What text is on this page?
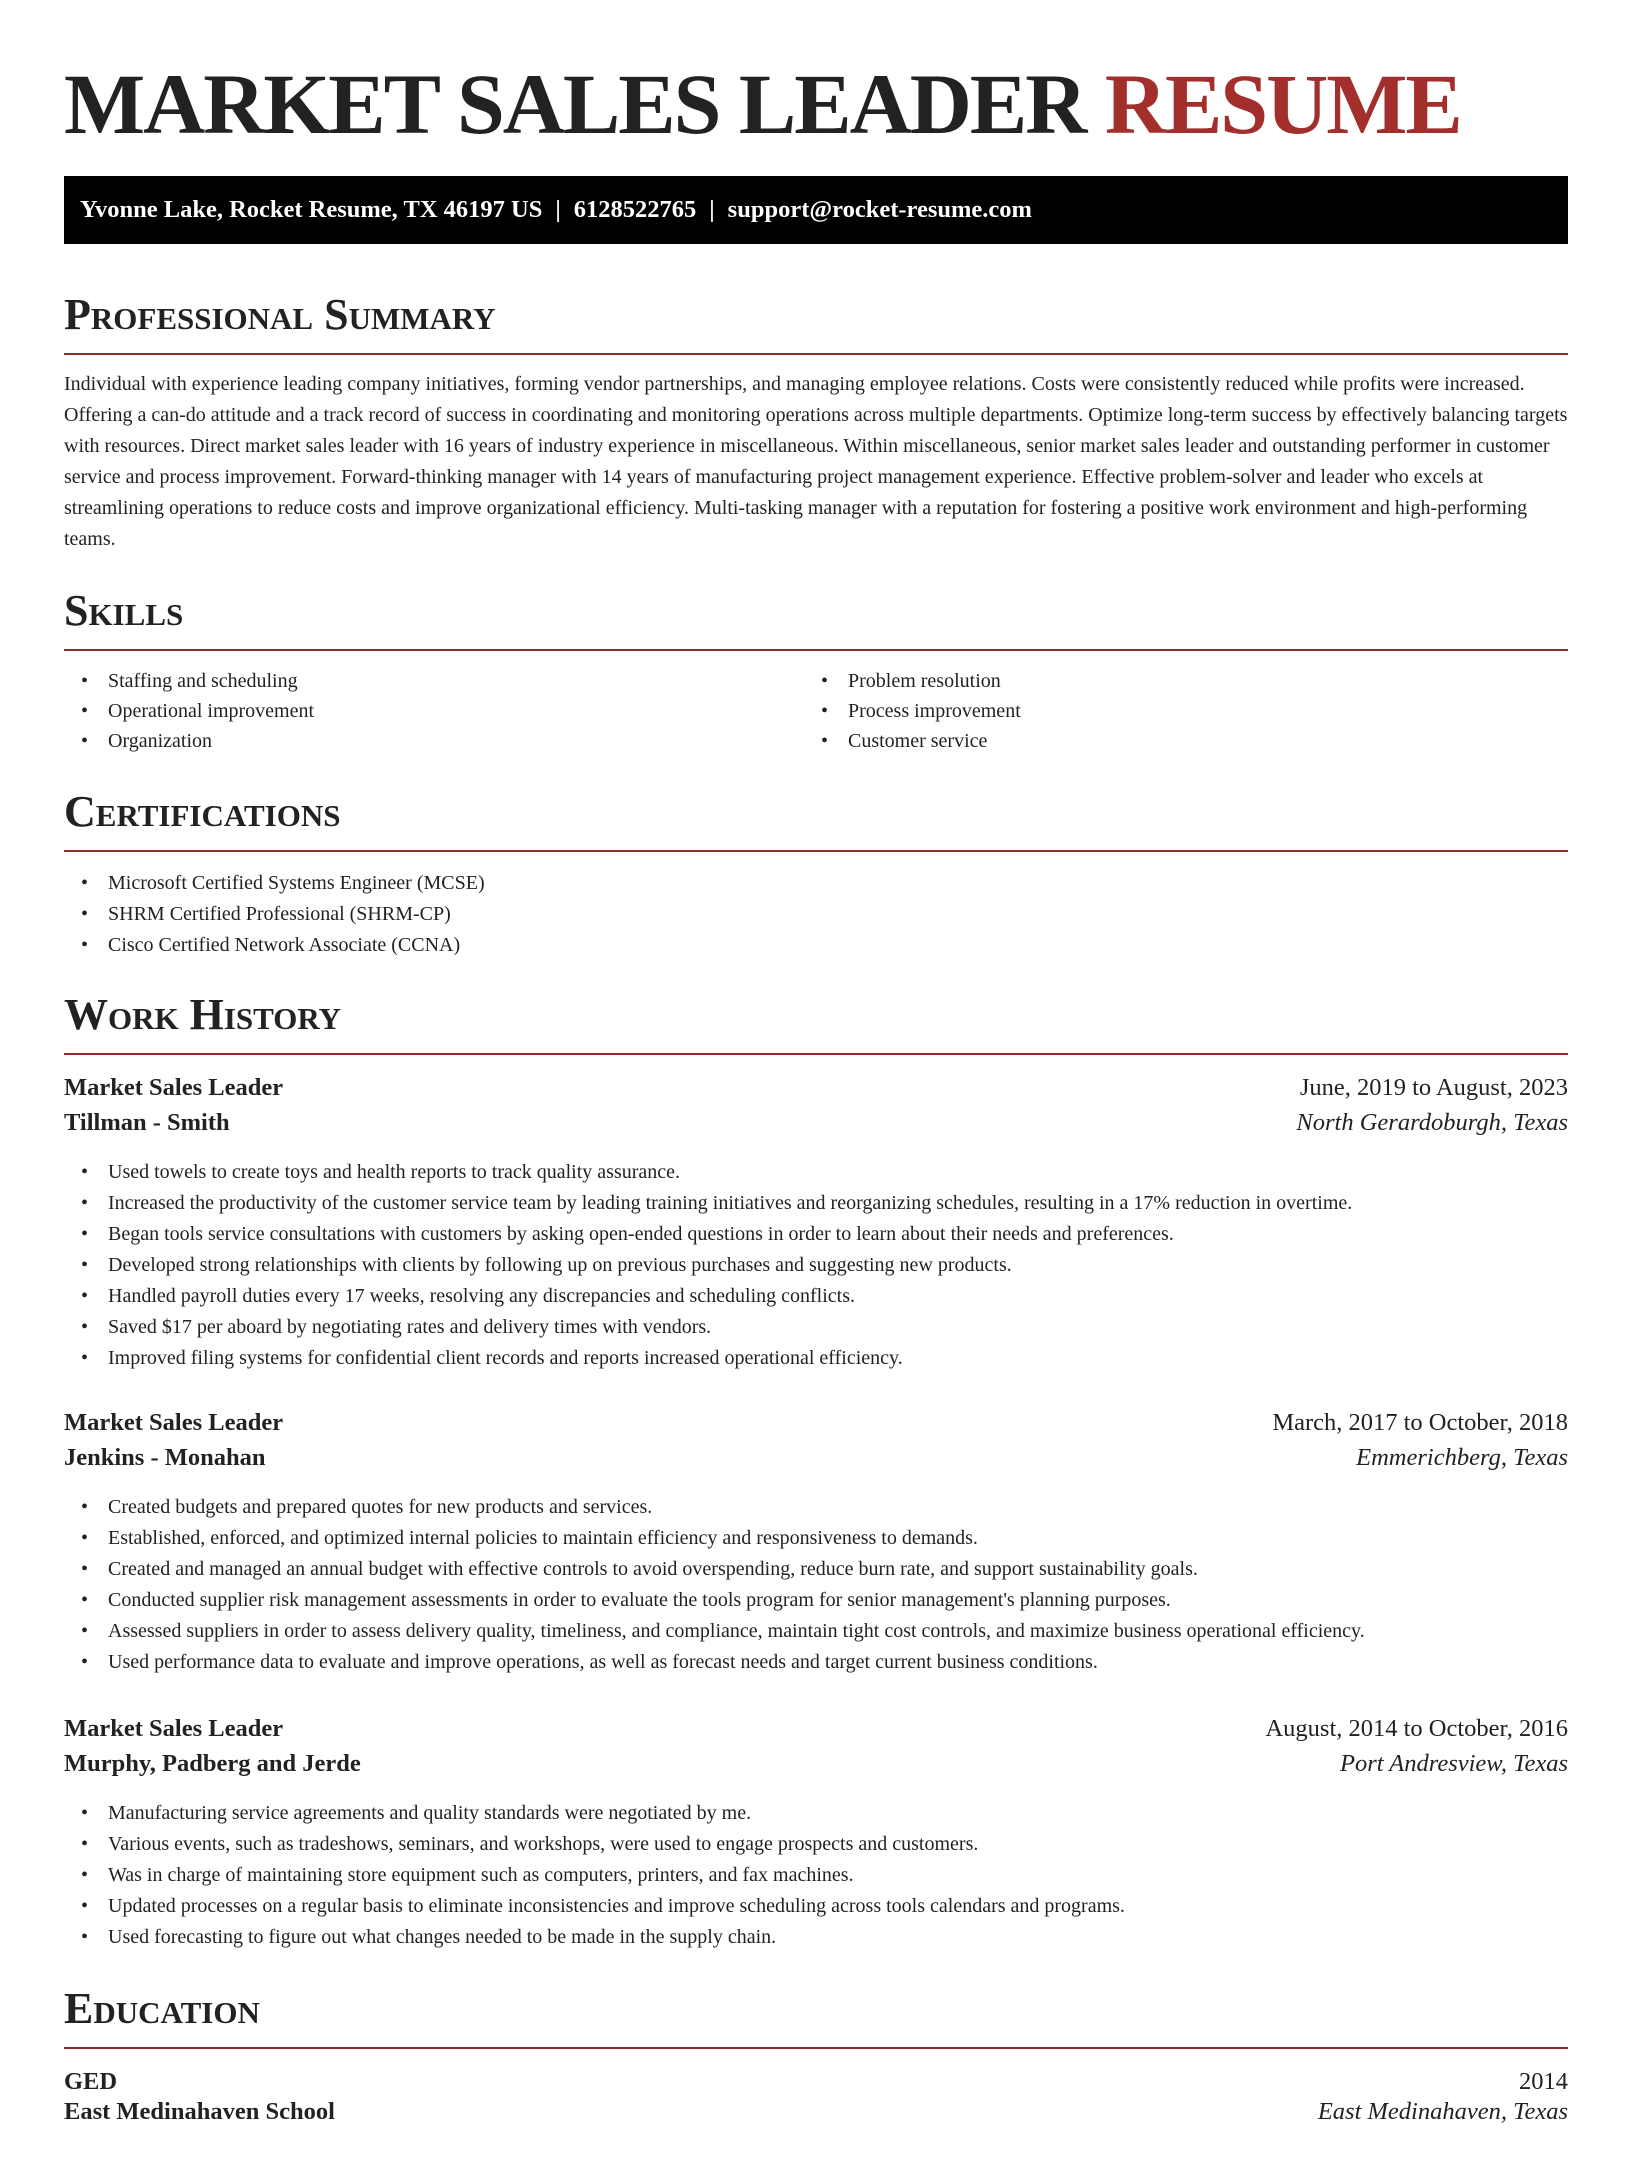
MARKET SALES LEADER RESUME
Yvonne Lake, Rocket Resume, TX 46197 US | 6128522765 | support@rocket-resume.com
Professional Summary

Individual with experience leading company initiatives, forming vendor partnerships, and managing employee relations. Costs were consistently reduced while profits were increased. Offering a can-do attitude and a track record of success in coordinating and monitoring operations across multiple departments. Optimize long-term success by effectively balancing targets with resources. Direct market sales leader with 16 years of industry experience in miscellaneous. Within miscellaneous, senior market sales leader and outstanding performer in customer service and process improvement. Forward-thinking manager with 14 years of manufacturing project management experience. Effective problem-solver and leader who excels at streamlining operations to reduce costs and improve organizational efficiency. Multi-tasking manager with a reputation for fostering a positive work environment and high-performing teams.

Skills
• Staffing and scheduling
• Operational improvement
• Organization
• Problem resolution
• Process improvement
• Customer service
Certifications
• Microsoft Certified Systems Engineer (MCSE)
• SHRM Certified Professional (SHRM-CP)
• Cisco Certified Network Associate (CCNA)
Work History
Market Sales Leader	June, 2019 to August, 2023
Tillman - Smith	North Gerardoburgh, Texas
• Used towels to create toys and health reports to track quality assurance.
• Increased the productivity of the customer service team by leading training initiatives and reorganizing schedules, resulting in a 17% reduction in overtime.
• Began tools service consultations with customers by asking open-ended questions in order to learn about their needs and preferences.
• Developed strong relationships with clients by following up on previous purchases and suggesting new products.
• Handled payroll duties every 17 weeks, resolving any discrepancies and scheduling conflicts.
• Saved $17 per aboard by negotiating rates and delivery times with vendors.
• Improved filing systems for confidential client records and reports increased operational efficiency.
Market Sales Leader	March, 2017 to October, 2018
Jenkins - Monahan	Emmerichberg, Texas
• Created budgets and prepared quotes for new products and services.
• Established, enforced, and optimized internal policies to maintain efficiency and responsiveness to demands.
• Created and managed an annual budget with effective controls to avoid overspending, reduce burn rate, and support sustainability goals.
• Conducted supplier risk management assessments in order to evaluate the tools program for senior management's planning purposes.
• Assessed suppliers in order to assess delivery quality, timeliness, and compliance, maintain tight cost controls, and maximize business operational efficiency.
• Used performance data to evaluate and improve operations, as well as forecast needs and target current business conditions.
Market Sales Leader	August, 2014 to October, 2016
Murphy, Padberg and Jerde	Port Andresview, Texas
• Manufacturing service agreements and quality standards were negotiated by me.
• Various events, such as tradeshows, seminars, and workshops, were used to engage prospects and customers.
• Was in charge of maintaining store equipment such as computers, printers, and fax machines.
• Updated processes on a regular basis to eliminate inconsistencies and improve scheduling across tools calendars and programs.
• Used forecasting to figure out what changes needed to be made in the supply chain.
Education
GED	2014
East Medinahaven School	East Medinahaven, Texas
